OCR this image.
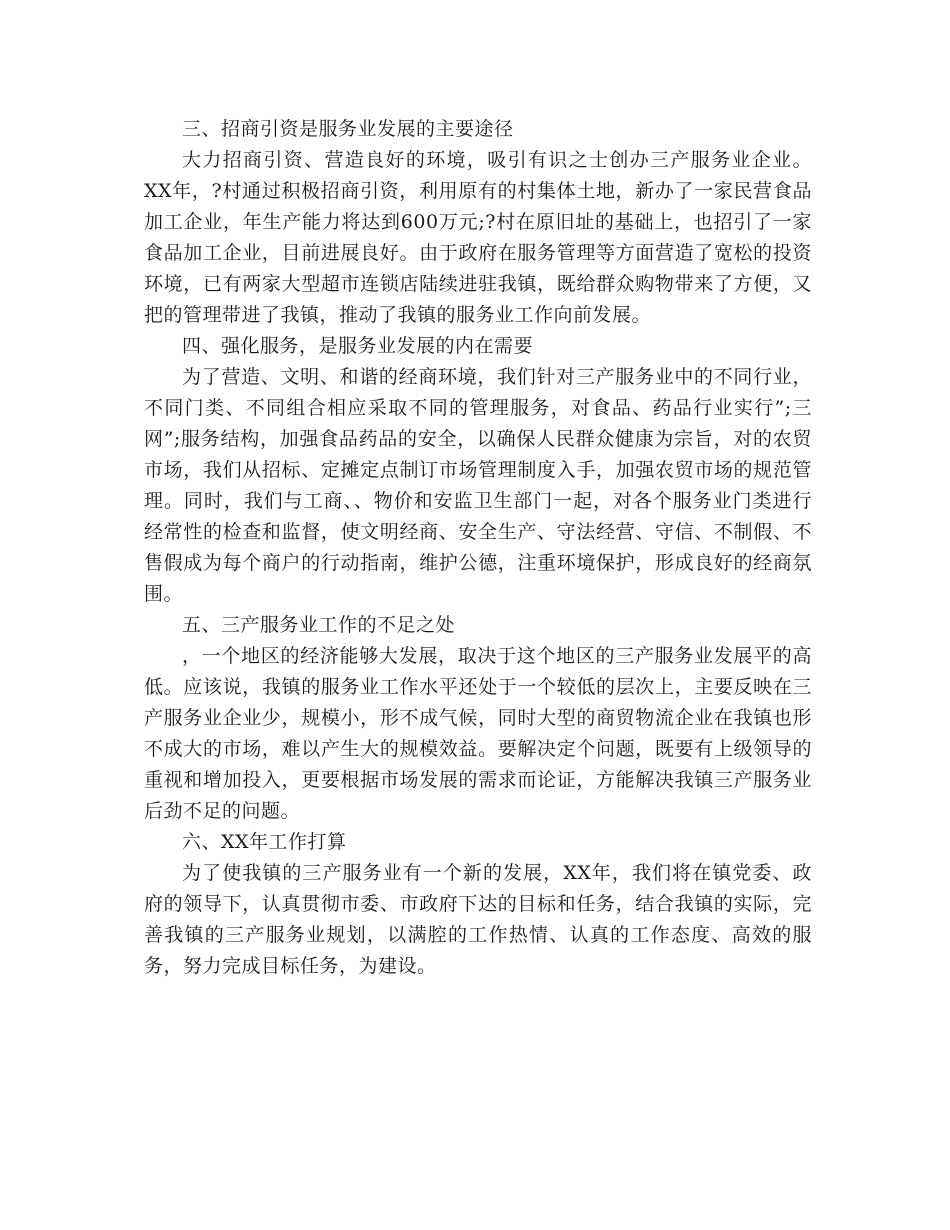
三、招商引资是服务业发展的主要途径

大力招商引资、营造良好的环境，吸引有识之士创办三产服务业企业。XX年，?村通过积极招商引资，利用原有的村集体土地，新办了一家民营食品加工企业，年生产能力将达到600万元;?村在原旧址的基础上，也招引了一家食品加工企业，目前进展良好。由于政府在服务管理等方面营造了宽松的投资环境，已有两家大型超市连锁店陆续进驻我镇，既给群众购物带来了方便，又把的管理带进了我镇，推动了我镇的服务业工作向前发展。

四、强化服务，是服务业发展的内在需要

为了营造、文明、和谐的经商环境，我们针对三产服务业中的不同行业，不同门类、不同组合相应采取不同的管理服务，对食品、药品行业实行”;三网”;服务结构，加强食品药品的安全，以确保人民群众健康为宗旨，对的农贸市场，我们从招标、定摊定点制订市场管理制度入手，加强农贸市场的规范管理。同时，我们与工商、、物价和安监卫生部门一起，对各个服务业门类进行经常性的检查和监督，使文明经商、安全生产、守法经营、守信、不制假、不售假成为每个商户的行动指南，维护公德，注重环境保护，形成良好的经商氛围。

五、三产服务业工作的不足之处

，一个地区的经济能够大发展，取决于这个地区的三产服务业发展平的高低。应该说，我镇的服务业工作水平还处于一个较低的层次上，主要反映在三产服务业企业少，规模小，形不成气候，同时大型的商贸物流企业在我镇也形不成大的市场，难以产生大的规模效益。要解决定个问题，既要有上级领导的重视和增加投入，更要根据市场发展的需求而论证，方能解决我镇三产服务业后劲不足的问题。

六、XX年工作打算

为了使我镇的三产服务业有一个新的发展，XX年，我们将在镇党委、政府的领导下，认真贯彻市委、市政府下达的目标和任务，结合我镇的实际，完善我镇的三产服务业规划，以满腔的工作热情、认真的工作态度、高效的服务，努力完成目标任务，为建设。
